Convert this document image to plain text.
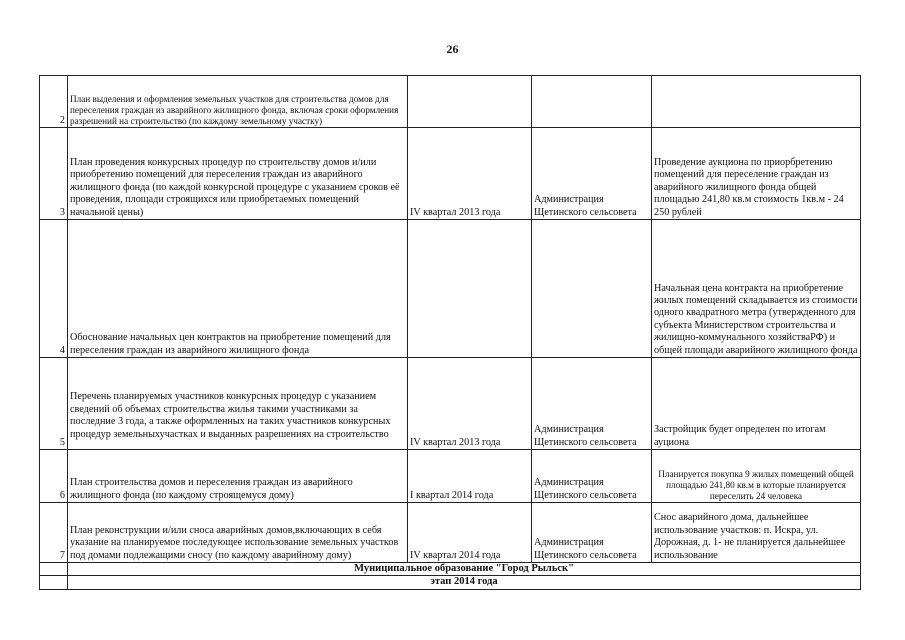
26
2	План выделения и оформления земельных участков для строительства домов для переселения граждан из аварийного жилищного фонда, включая сроки оформления разрешений на строительство (по каждому земельному участку)			
3	План проведения конкурсных процедур по строительству домов и/или приобретению помещений для переселения граждан из аварийного жилищного фонда (по каждой конкурсной процедуре с указанием сроков её проведения, площади строящихся или приобретаемых помещений начальной цены)	IV квартал 2013 года	Администрация Щетинского сельсовета	Проведение аукциона по приорбретению помещений для переселение граждан из аварийного жилищного фонда общей площадью 241,80 кв.м стоимость 1кв.м - 24 250 рублей
4	Обоснование начальных цен контрактов на приобретение помещений для переселения граждан из аварийного жилищного фонда			Начальная цена контракта на приобретение жилых помещений складывается из стоимости одного квадратного метра (утвержденного для субъекта Министерством строительства и жилищно-коммунального хозяйстваРФ) и общей площади аварийного жилищного фонда
5	Перечень планируемых участников конкурсных процедур с указанием сведений об объемах строительства жилья такими участниками за последние 3 года, а также оформленных на таких участников конкурсных процедур земельныхучастках и выданных разрешениях на строительство	IV квартал 2013 года	Администрация Щетинского сельсовета	Застройщик будет определен по итогам ауциона
6	План строительства домов и переселения граждан из аварийного жилищного фонда (по каждому строящемуся дому)	I квартал 2014 года	Администрация Щетинского сельсовета	Планируется покупка 9 жилых помещений общей площадью 241,80 кв.м в которые планируется переселить 24 человека
7	План реконструкции и/или сноса аварийных домов,включающих в себя указание на планируемое последующее использование земельных участков под домами подлежащими сносу (по каждому аварийному дому)	IV квартал 2014 года	Администрация Щетинского сельсовета	Снос аварийного дома, дальнейшее использование участков: п. Искра, ул. Дорожная, д. 1- не планируется дальнейшее использование
	Муниципальное образование "Город Рыльск"			
	этап 2014 года			
